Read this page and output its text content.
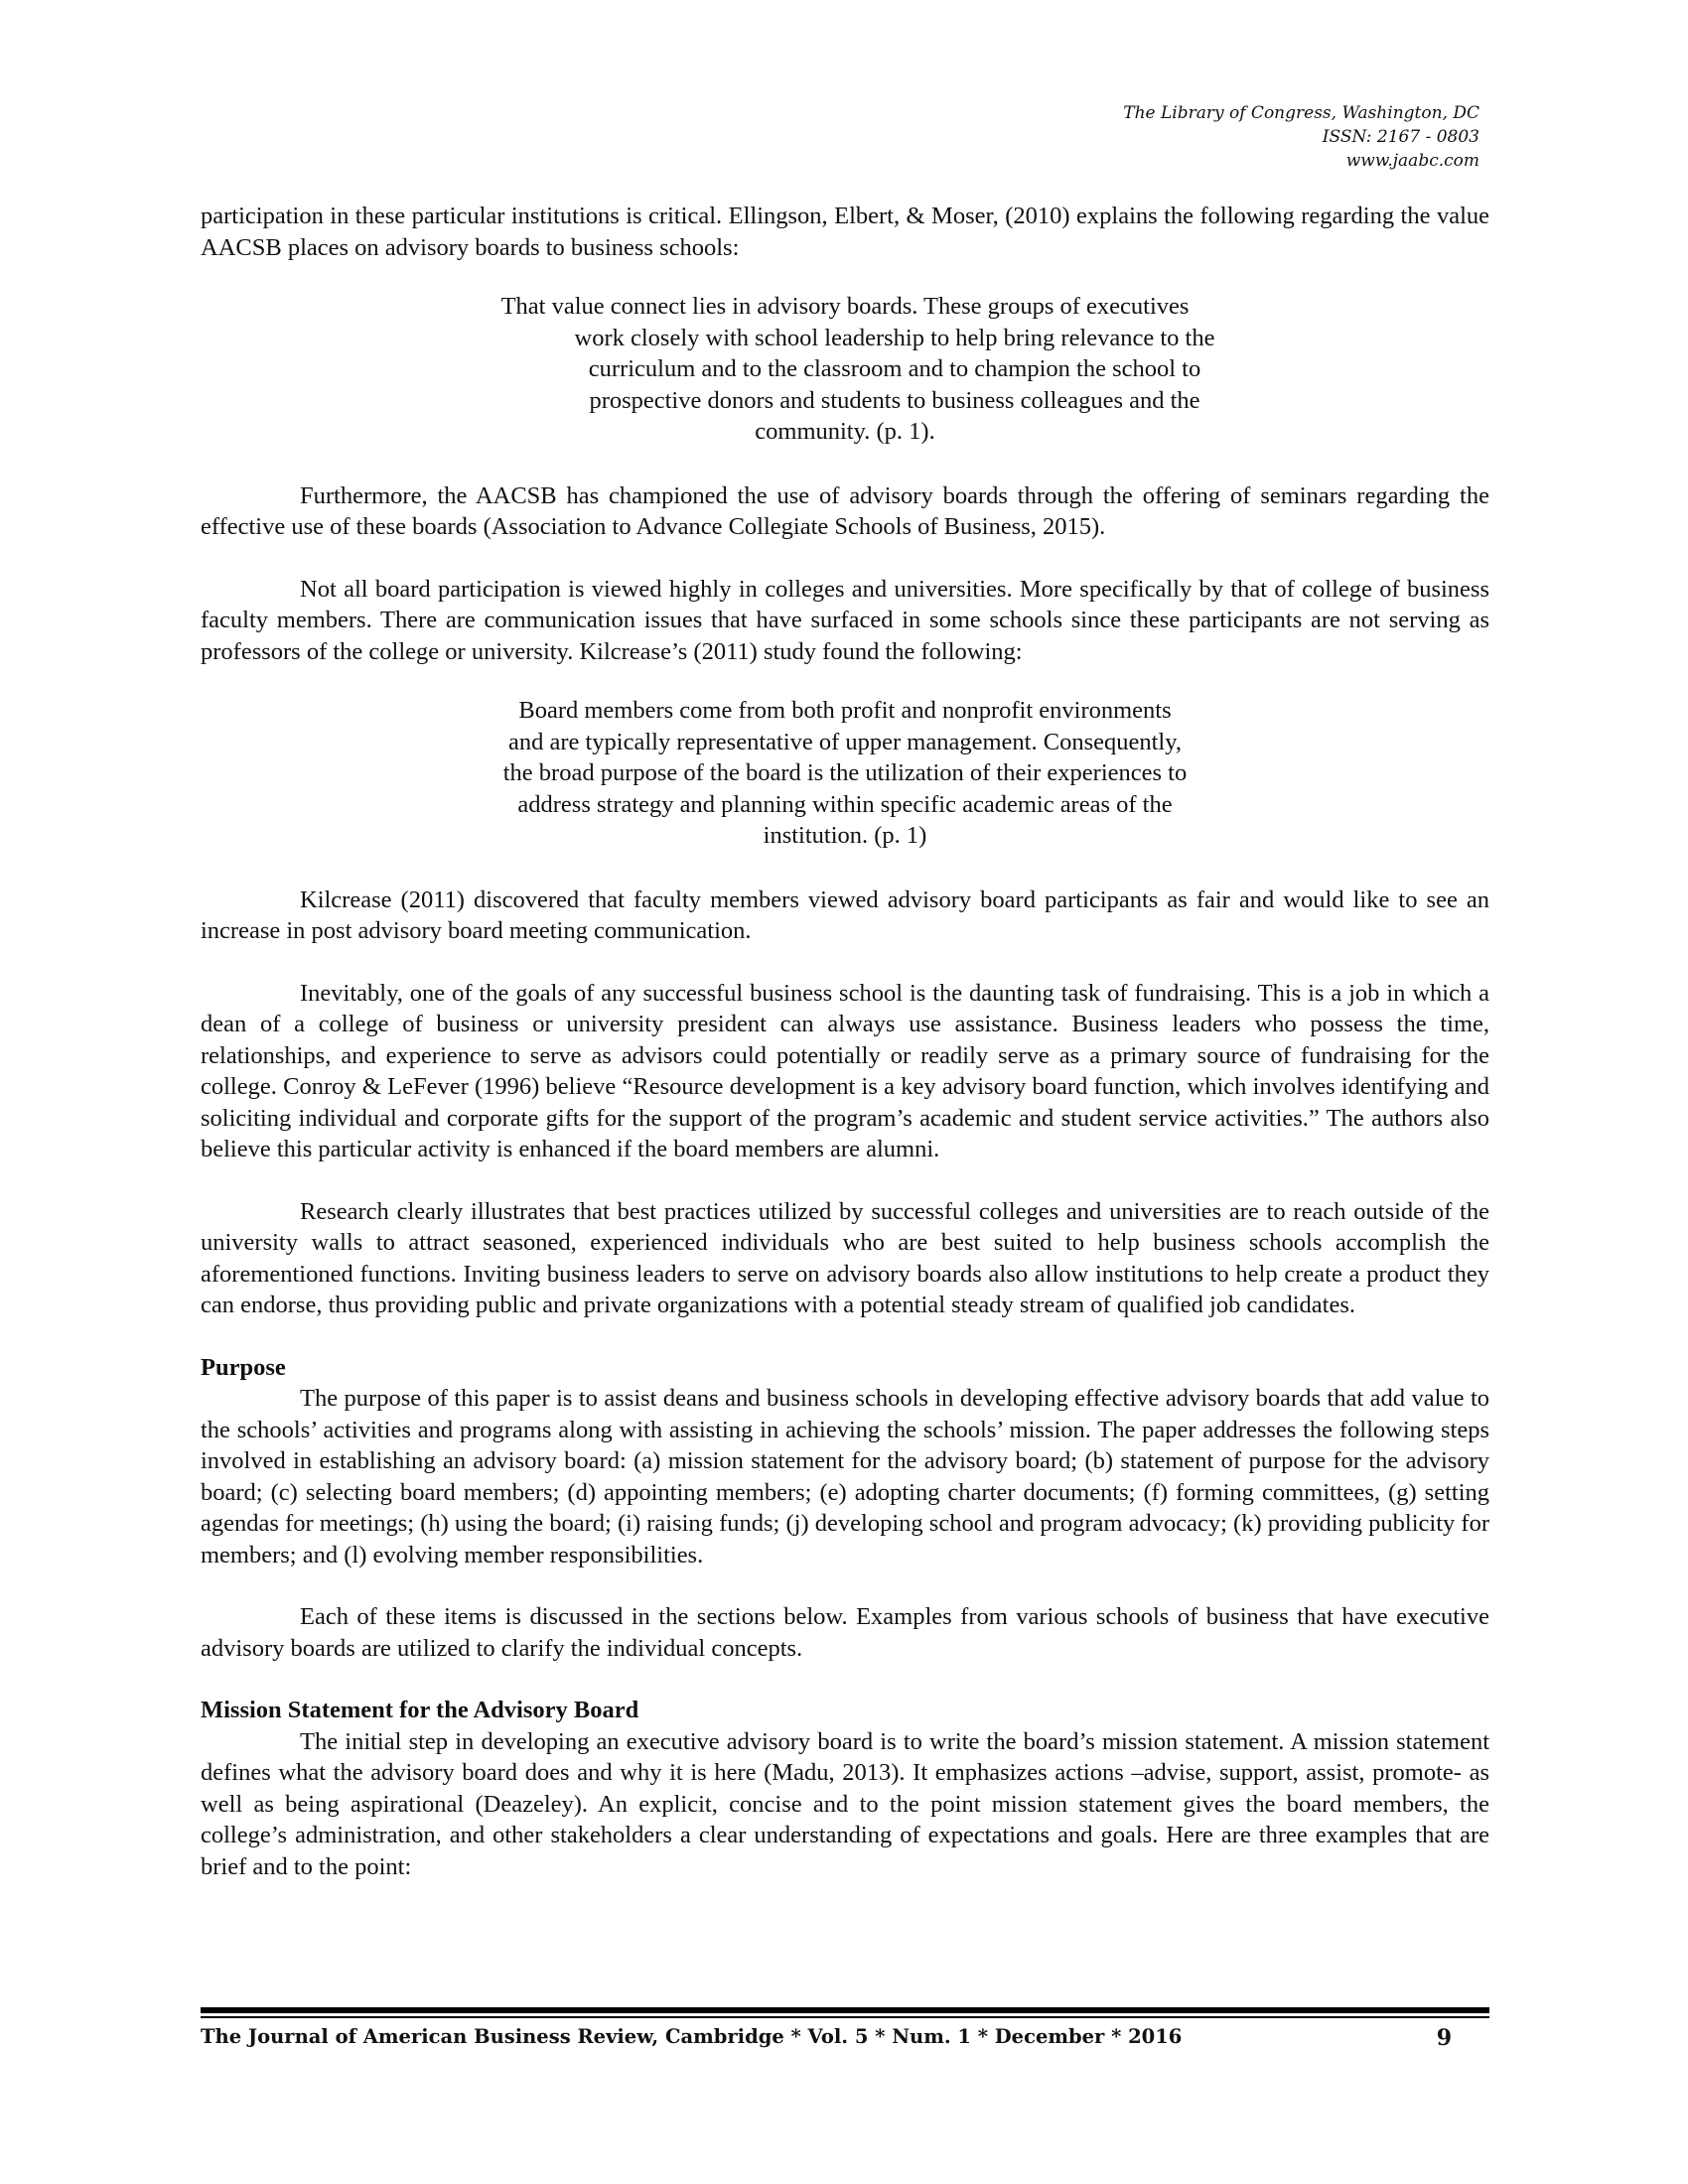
The Library of Congress, Washington, DC
ISSN: 2167 - 0803
www.jaabc.com

participation in these particular institutions is critical. Ellingson, Elbert, & Moser, (2010) explains the following regarding the value AACSB places on advisory boards to business schools:

That value connect lies in advisory boards. These groups of executives
work closely with school leadership to help bring relevance to the
curriculum and to the classroom and to champion the school to
prospective donors and students to business colleagues and the
community. (p. 1).

Furthermore, the AACSB has championed the use of advisory boards through the offering of seminars regarding the effective use of these boards (Association to Advance Collegiate Schools of Business, 2015).

Not all board participation is viewed highly in colleges and universities. More specifically by that of college of business faculty members. There are communication issues that have surfaced in some schools since these participants are not serving as professors of the college or university. Kilcrease’s (2011) study found the following:

Board members come from both profit and nonprofit environments
and are typically representative of upper management. Consequently,
the broad purpose of the board is the utilization of their experiences to
address strategy and planning within specific academic areas of the
institution. (p. 1)

Kilcrease (2011) discovered that faculty members viewed advisory board participants as fair and would like to see an increase in post advisory board meeting communication.

Inevitably, one of the goals of any successful business school is the daunting task of fundraising. This is a job in which a dean of a college of business or university president can always use assistance. Business leaders who possess the time, relationships, and experience to serve as advisors could potentially or readily serve as a primary source of fundraising for the college. Conroy & LeFever (1996) believe “Resource development is a key advisory board function, which involves identifying and soliciting individual and corporate gifts for the support of the program’s academic and student service activities.” The authors also believe this particular activity is enhanced if the board members are alumni.

Research clearly illustrates that best practices utilized by successful colleges and universities are to reach outside of the university walls to attract seasoned, experienced individuals who are best suited to help business schools accomplish the aforementioned functions. Inviting business leaders to serve on advisory boards also allow institutions to help create a product they can endorse, thus providing public and private organizations with a potential steady stream of qualified job candidates.

Purpose

The purpose of this paper is to assist deans and business schools in developing effective advisory boards that add value to the schools’ activities and programs along with assisting in achieving the schools’ mission. The paper addresses the following steps involved in establishing an advisory board: (a) mission statement for the advisory board; (b) statement of purpose for the advisory board; (c) selecting board members; (d) appointing members; (e) adopting charter documents; (f) forming committees, (g) setting agendas for meetings; (h) using the board; (i) raising funds; (j) developing school and program advocacy; (k) providing publicity for members; and (l) evolving member responsibilities.

Each of these items is discussed in the sections below. Examples from various schools of business that have executive advisory boards are utilized to clarify the individual concepts.

Mission Statement for the Advisory Board

The initial step in developing an executive advisory board is to write the board’s mission statement. A mission statement defines what the advisory board does and why it is here (Madu, 2013). It emphasizes actions –advise, support, assist, promote- as well as being aspirational (Deazeley). An explicit, concise and to the point mission statement gives the board members, the college’s administration, and other stakeholders a clear understanding of expectations and goals. Here are three examples that are brief and to the point:

The Journal of American Business Review, Cambridge * Vol. 5 * Num. 1 * December * 2016	9
